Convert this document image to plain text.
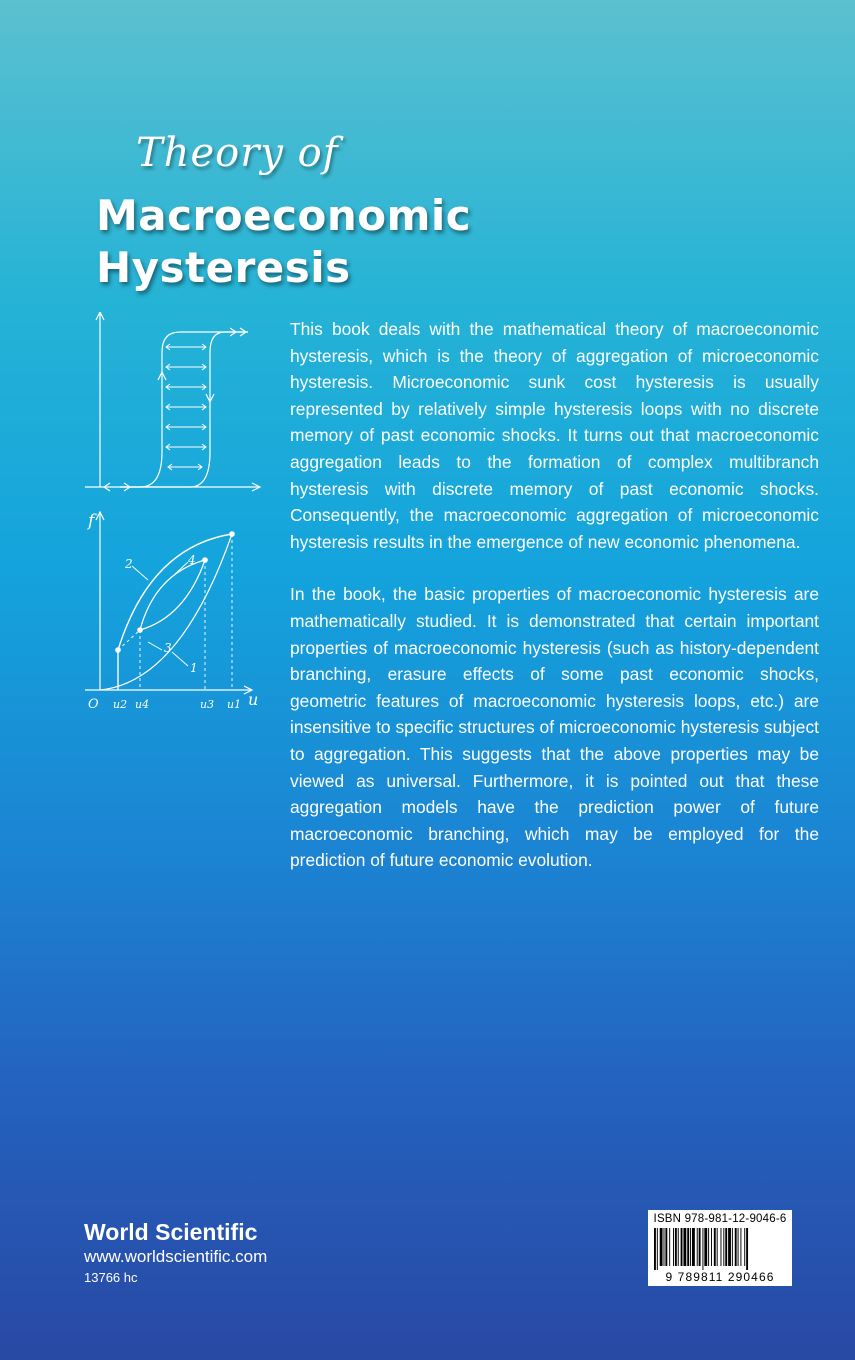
Theory of
Macroeconomic
Hysteresis
f
u
O u2 u4	u3 u1
1
2
3
4

This book deals with the mathematical theory of macroeconomic hysteresis, which is the theory of aggregation of microeconomic hysteresis. Microeconomic sunk cost hysteresis is usually represented by relatively simple hysteresis loops with no discrete memory of past economic shocks. It turns out that macroeconomic aggregation leads to the formation of complex multibranch hysteresis with discrete memory of past economic shocks. Consequently, the macroeconomic aggregation of microeconomic hysteresis results in the emergence of new economic phenomena.

In the book, the basic properties of macroeconomic hysteresis are mathematically studied. It is demonstrated that certain important properties of macroeconomic hysteresis (such as history-dependent branching, erasure effects of some past economic shocks, geometric features of macroeconomic hysteresis loops, etc.) are insensitive to specific structures of microeconomic hysteresis subject to aggregation. This suggests that the above properties may be viewed as universal. Furthermore, it is pointed out that these aggregation models have the prediction power of future macroeconomic branching, which may be employed for the prediction of future economic evolution.

World Scientific
www.worldscientific.com
13766 hc
ISBN 978-981-12-9046-6
9 789811 290466
